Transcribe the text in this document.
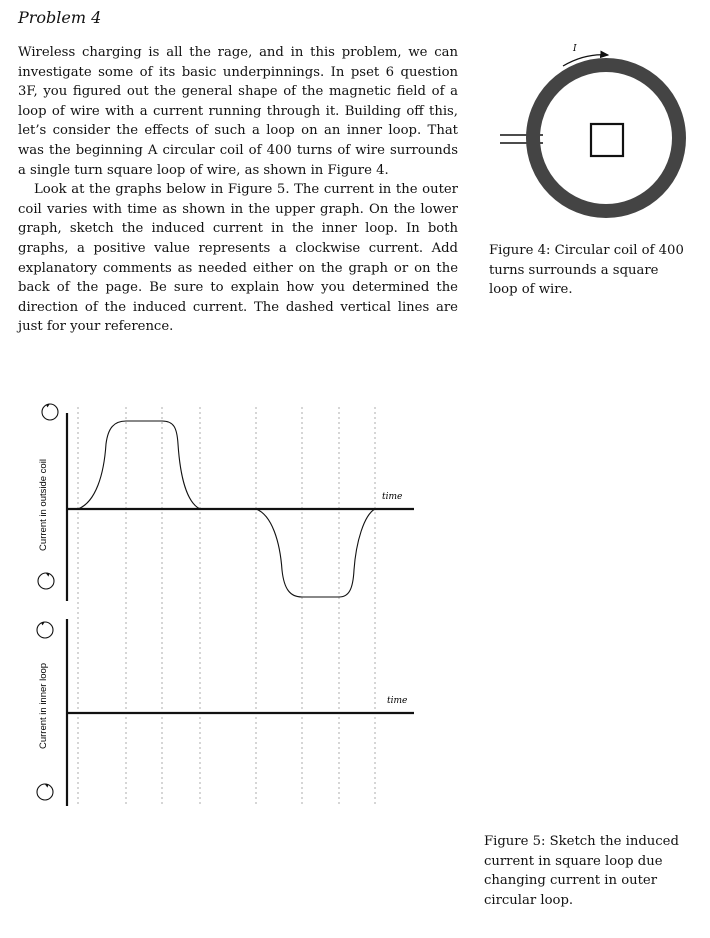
Problem 4

Wireless charging is all the rage, and in this problem, we can investigate some of its basic underpinnings. In pset 6 question 3F, you figured out the general shape of the magnetic field of a loop of wire with a current running through it. Building off this, let’s consider the effects of such a loop on an inner loop. That was the beginning A circular coil of 400 turns of wire surrounds a single turn square loop of wire, as shown in Figure 4.

Look at the graphs below in Figure 5. The current in the outer coil varies with time as shown in the upper graph. On the lower graph, sketch the induced current in the inner loop. In both graphs, a positive value represents a clockwise current. Add explanatory comments as needed either on the graph or on the back of the page. Be sure to explain how you determined the direction of the induced current. The dashed vertical lines are just for your reference.

Figure 4: Circular coil of 400 turns surrounds a square loop of wire.
Figure 5: Sketch the induced current in square loop due changing current in outer circular loop.
I
time
Current in outside coil
time
Current in inner loop
